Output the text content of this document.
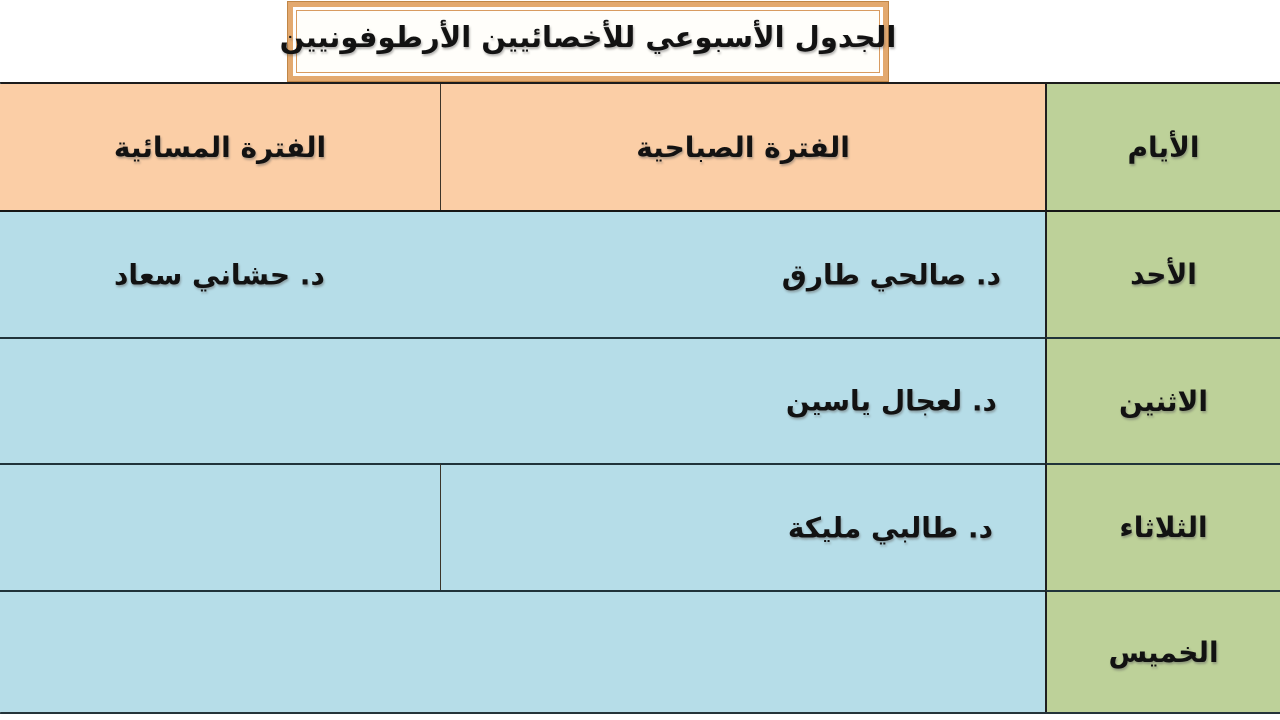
الجدول الأسبوعي للأخصائيين الأرطوفونيين
الأيام
الفترة الصباحية
الفترة المسائية
الأحد
د. صالحي طارق
د. حشاني سعاد
الاثنين
د. لعجال ياسين
الثلاثاء
د. طالبي مليكة
الخميس
